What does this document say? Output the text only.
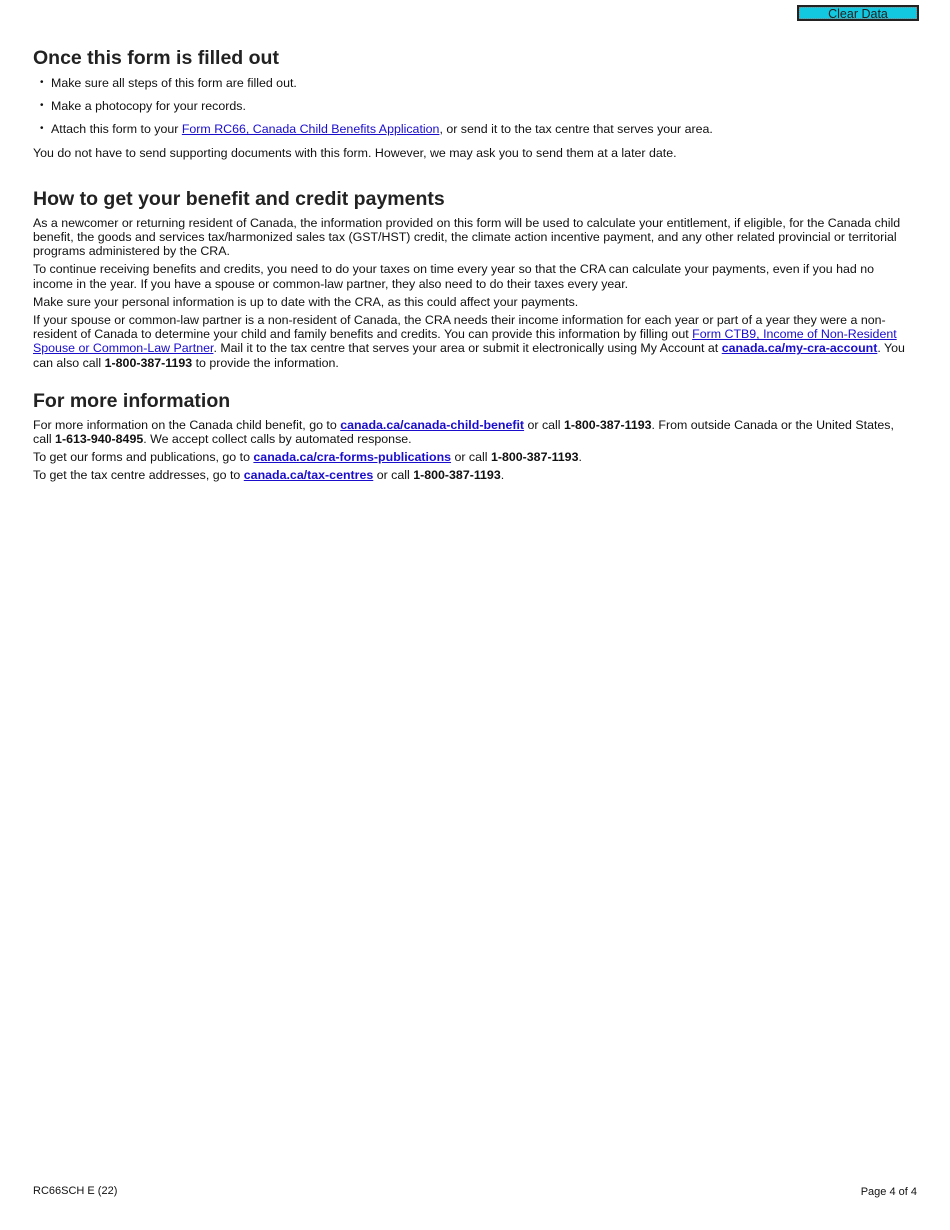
Clear Data
Once this form is filled out
• Make sure all steps of this form are filled out.
• Make a photocopy for your records.
• Attach this form to your Form RC66, Canada Child Benefits Application, or send it to the tax centre that serves your area.

You do not have to send supporting documents with this form. However, we may ask you to send them at a later date.

How to get your benefit and credit payments

As a newcomer or returning resident of Canada, the information provided on this form will be used to calculate your entitlement, if eligible, for the Canada child benefit, the goods and services tax/harmonized sales tax (GST/HST) credit, the climate action incentive payment, and any other related provincial or territorial programs administered by the CRA.

To continue receiving benefits and credits, you need to do your taxes on time every year so that the CRA can calculate your payments, even if you had no income in the year. If you have a spouse or common-law partner, they also need to do their taxes every year.

Make sure your personal information is up to date with the CRA, as this could affect your payments.

If your spouse or common-law partner is a non-resident of Canada, the CRA needs their income information for each year or part of a year they were a non-resident of Canada to determine your child and family benefits and credits. You can provide this information by filling out Form CTB9, Income of Non-Resident Spouse or Common-Law Partner. Mail it to the tax centre that serves your area or submit it electronically using My Account at canada.ca/my-cra-account. You can also call 1-800-387-1193 to provide the information.

For more information

For more information on the Canada child benefit, go to canada.ca/canada-child-benefit or call 1-800-387-1193. From outside Canada or the United States, call 1-613-940-8495. We accept collect calls by automated response.

To get our forms and publications, go to canada.ca/cra-forms-publications or call 1-800-387-1193.

To get the tax centre addresses, go to canada.ca/tax-centres or call 1-800-387-1193.

RC66SCH E (22)	Page 4 of 4
